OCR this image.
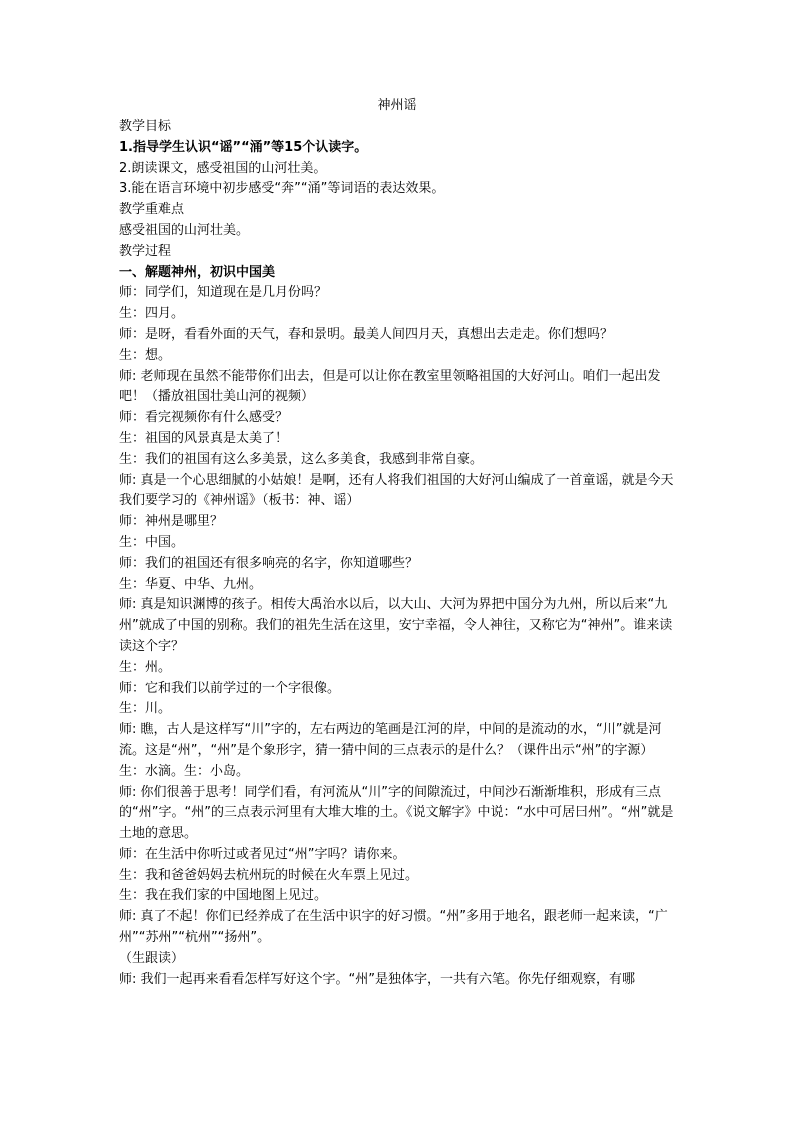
神州谣

教学目标

1.指导学生认识“谣”“涌”等15个认读字。

2.朗读课文，感受祖国的山河壮美。

3.能在语言环境中初步感受“奔”“涌”等词语的表达效果。

教学重难点

感受祖国的山河壮美。

教学过程

一、解题神州，初识中国美

师：同学们，知道现在是几月份吗？

生：四月。

师：是呀，看看外面的天气，春和景明。最美人间四月天，真想出去走走。你们想吗？

生：想。

师: 老师现在虽然不能带你们出去，但是可以让你在教室里领略祖国的大好河山。咱们一起出发吧！（播放祖国壮美山河的视频）

师：看完视频你有什么感受？

生：祖国的风景真是太美了！

生：我们的祖国有这么多美景，这么多美食，我感到非常自豪。

师: 真是一个心思细腻的小姑娘！是啊，还有人将我们祖国的大好河山编成了一首童谣，就是今天我们要学习的《神州谣》（板书：神、谣）

师：神州是哪里？

生：中国。

师：我们的祖国还有很多响亮的名字，你知道哪些？

生：华夏、中华、九州。

师: 真是知识渊博的孩子。相传大禹治水以后，以大山、大河为界把中国分为九州，所以后来“九州”就成了中国的别称。我们的祖先生活在这里，安宁幸福，令人神往，又称它为“神州”。谁来读读这个字？

生：州。

师：它和我们以前学过的一个字很像。

生：川。

师: 瞧，古人是这样写“川”字的，左右两边的笔画是江河的岸，中间的是流动的水，“川”就是河流。这是“州”，“州”是个象形字，猜一猜中间的三点表示的是什么？（课件出示“州”的字源）

生：水滴。生：小岛。

师: 你们很善于思考！同学们看，有河流从“川”字的间隙流过，中间沙石渐渐堆积，形成有三点的“州”字。“州”的三点表示河里有大堆大堆的土。《说文解字》中说：“水中可居曰州”。“州”就是土地的意思。

师：在生活中你听过或者见过“州”字吗？请你来。

生：我和爸爸妈妈去杭州玩的时候在火车票上见过。

生：我在我们家的中国地图上见过。

师: 真了不起！你们已经养成了在生活中识字的好习惯。“州”多用于地名，跟老师一起来读，“广州”“苏州”“杭州”“扬州”。

（生跟读）

师: 我们一起再来看看怎样写好这个字。“州”是独体字，一共有六笔。你先仔细观察，有哪
